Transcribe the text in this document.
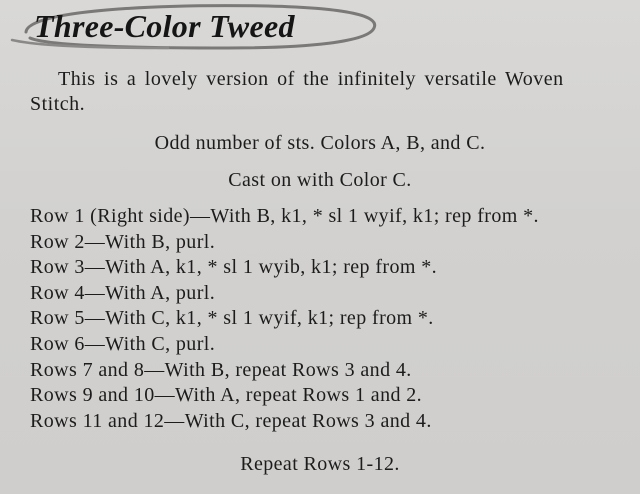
Three-Color Tweed
This is a lovely version of the infinitely versatile Woven Stitch.
Odd number of sts. Colors A, B, and C.
Cast on with Color C.
Row 1 (Right side)—With B, k1, * sl 1 wyif, k1; rep from *.
Row 2—With B, purl.
Row 3—With A, k1, * sl 1 wyib, k1; rep from *.
Row 4—With A, purl.
Row 5—With C, k1, * sl 1 wyif, k1; rep from *.
Row 6—With C, purl.
Rows 7 and 8—With B, repeat Rows 3 and 4.
Rows 9 and 10—With A, repeat Rows 1 and 2.
Rows 11 and 12—With C, repeat Rows 3 and 4.
Repeat Rows 1-12.
